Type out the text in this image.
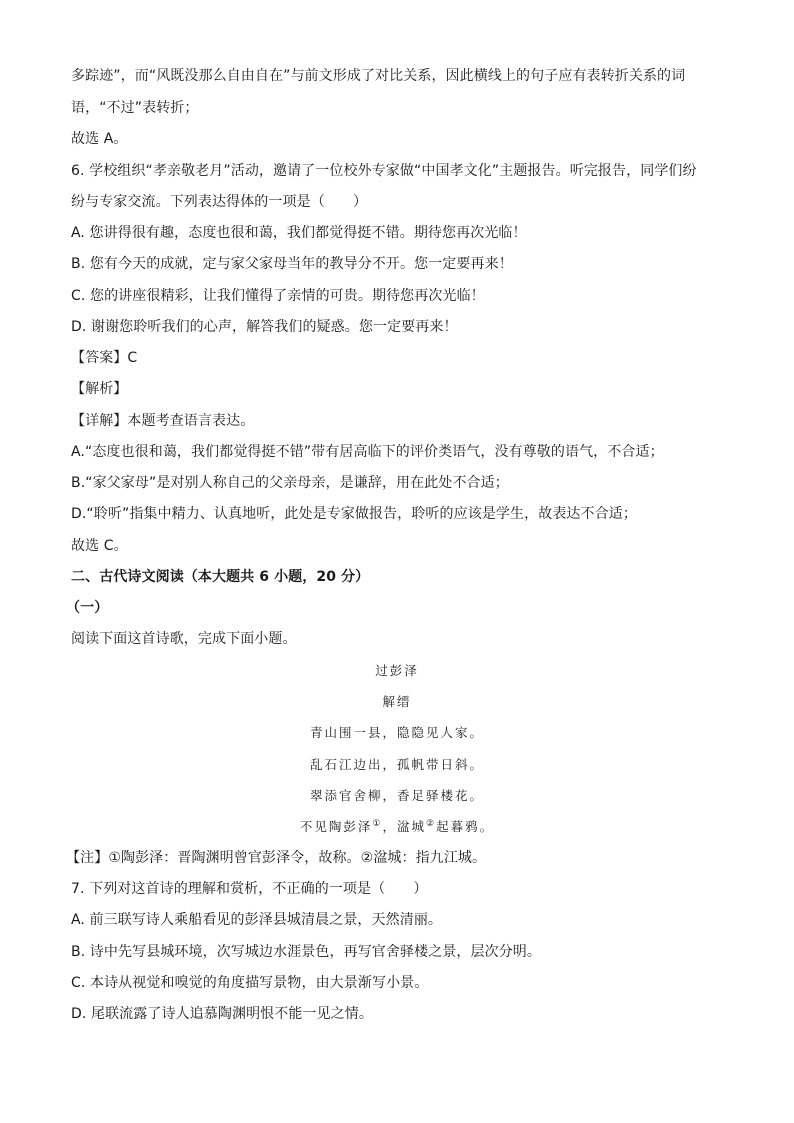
多踪迹”，而“风既没那么自由自在”与前文形成了对比关系，因此横线上的句子应有表转折关系的词
语，“不过”表转折；
故选 A。
6. 学校组织“孝亲敬老月”活动，邀请了一位校外专家做“中国孝文化”主题报告。听完报告，同学们纷
纷与专家交流。下列表达得体的一项是（　　）
A. 您讲得很有趣，态度也很和蔼，我们都觉得挺不错。期待您再次光临！
B. 您有今天的成就，定与家父家母当年的教导分不开。您一定要再来！
C. 您的讲座很精彩，让我们懂得了亲情的可贵。期待您再次光临！
D. 谢谢您聆听我们的心声，解答我们的疑惑。您一定要再来！
【答案】C
【解析】
【详解】本题考查语言表达。
A.“态度也很和蔼，我们都觉得挺不错”带有居高临下的评价类语气，没有尊敬的语气，不合适；
B.“家父家母”是对别人称自己的父亲母亲，是谦辞，用在此处不合适；
D.“聆听”指集中精力、认真地听，此处是专家做报告，聆听的应该是学生，故表达不合适；
故选 C。
二、古代诗文阅读（本大题共 6 小题，20 分）
（一）
阅读下面这首诗歌，完成下面小题。
过彭泽
解缙
青山围一县，隐隐见人家。
乱石江边出，孤帆带日斜。
翠添官舍柳，香足驿楼花。
不见陶彭泽①，湓城②起暮鸦。
【注】①陶彭泽：晋陶渊明曾官彭泽令，故称。②湓城：指九江城。
7. 下列对这首诗的理解和赏析，不正确的一项是（　　）
A. 前三联写诗人乘船看见的彭泽县城清晨之景，天然清丽。
B. 诗中先写县城环境，次写城边水涯景色，再写官舍驿楼之景，层次分明。
C. 本诗从视觉和嗅觉的角度描写景物，由大景渐写小景。
D. 尾联流露了诗人追慕陶渊明恨不能一见之情。
